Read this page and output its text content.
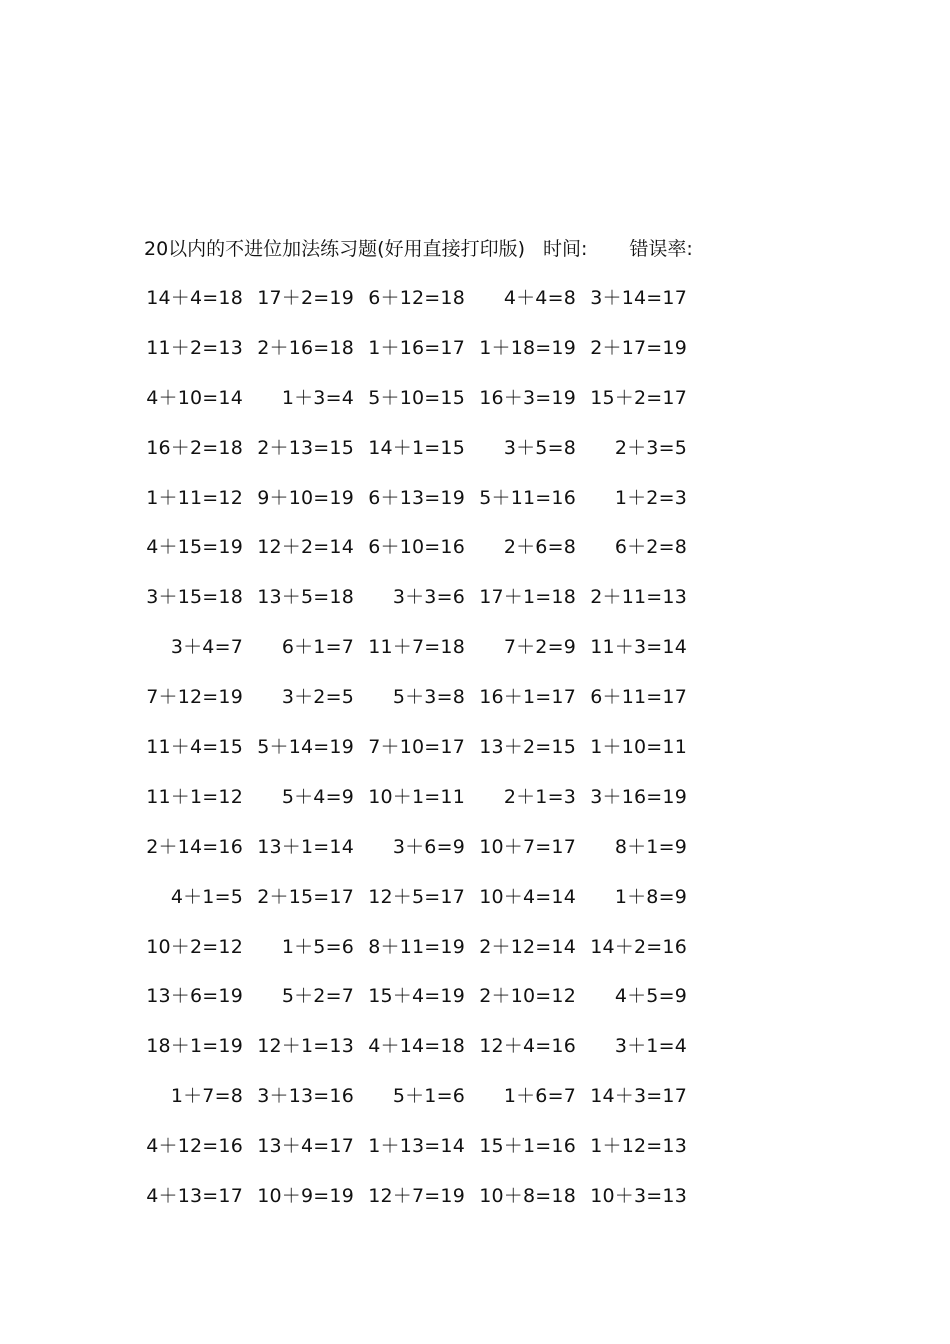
20以内的不进位加法练习题(好用直接打印版) 时间: 错误率:
14＋4=18 17＋2=19 6＋12=18	4＋4=8 3＋14=17
11＋2=13 2＋16=18 1＋16=17 1＋18=19 2＋17=19
4＋10=14	1＋3=4 5＋10=15 16＋3=19 15＋2=17
16＋2=18 2＋13=15 14＋1=15	3＋5=8	2＋3=5
1＋11=12 9＋10=19 6＋13=19 5＋11=16	1＋2=3
4＋15=19 12＋2=14 6＋10=16	2＋6=8	6＋2=8
3＋15=18 13＋5=18	3＋3=6 17＋1=18 2＋11=13
3＋4=7	6＋1=7 11＋7=18	7＋2=9 11＋3=14
7＋12=19	3＋2=5	5＋3=8 16＋1=17 6＋11=17
11＋4=15 5＋14=19 7＋10=17 13＋2=15 1＋10=11
11＋1=12	5＋4=9 10＋1=11	2＋1=3 3＋16=19
2＋14=16 13＋1=14	3＋6=9 10＋7=17	8＋1=9
4＋1=5 2＋15=17 12＋5=17 10＋4=14	1＋8=9
10＋2=12	1＋5=6 8＋11=19 2＋12=14 14＋2=16
13＋6=19	5＋2=7 15＋4=19 2＋10=12	4＋5=9
18＋1=19 12＋1=13 4＋14=18 12＋4=16	3＋1=4
1＋7=8 3＋13=16	5＋1=6	1＋6=7 14＋3=17
4＋12=16 13＋4=17 1＋13=14 15＋1=16 1＋12=13
4＋13=17 10＋9=19 12＋7=19 10＋8=18 10＋3=13
